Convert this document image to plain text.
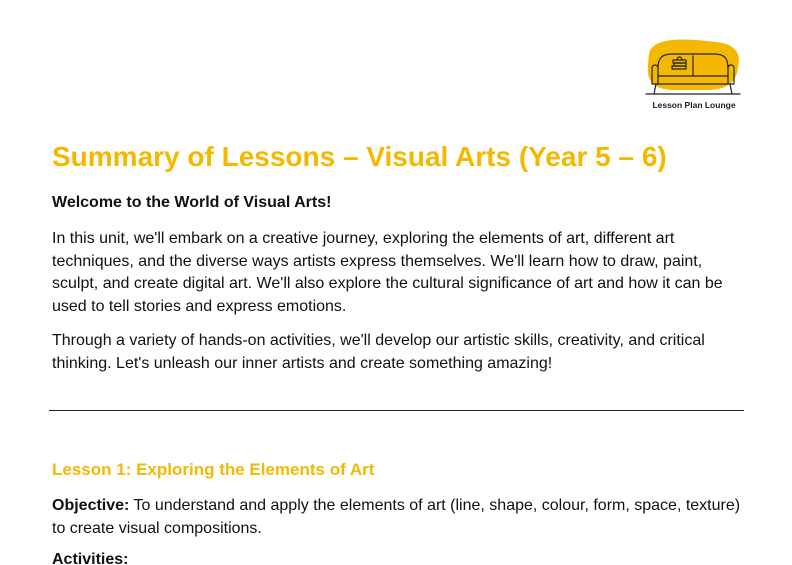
Lesson Plan Lounge
Summary of Lessons – Visual Arts (Year 5 – 6)

Welcome to the World of Visual Arts!

In this unit, we'll embark on a creative journey, exploring the elements of art, different art techniques, and the diverse ways artists express themselves. We'll learn how to draw, paint, sculpt, and create digital art. We'll also explore the cultural significance of art and how it can be used to tell stories and express emotions.

Through a variety of hands-on activities, we'll develop our artistic skills, creativity, and critical thinking. Let's unleash our inner artists and create something amazing!

Lesson 1: Exploring the Elements of Art

Objective: To understand and apply the elements of art (line, shape, colour, form, space, texture) to create visual compositions.

Activities:
